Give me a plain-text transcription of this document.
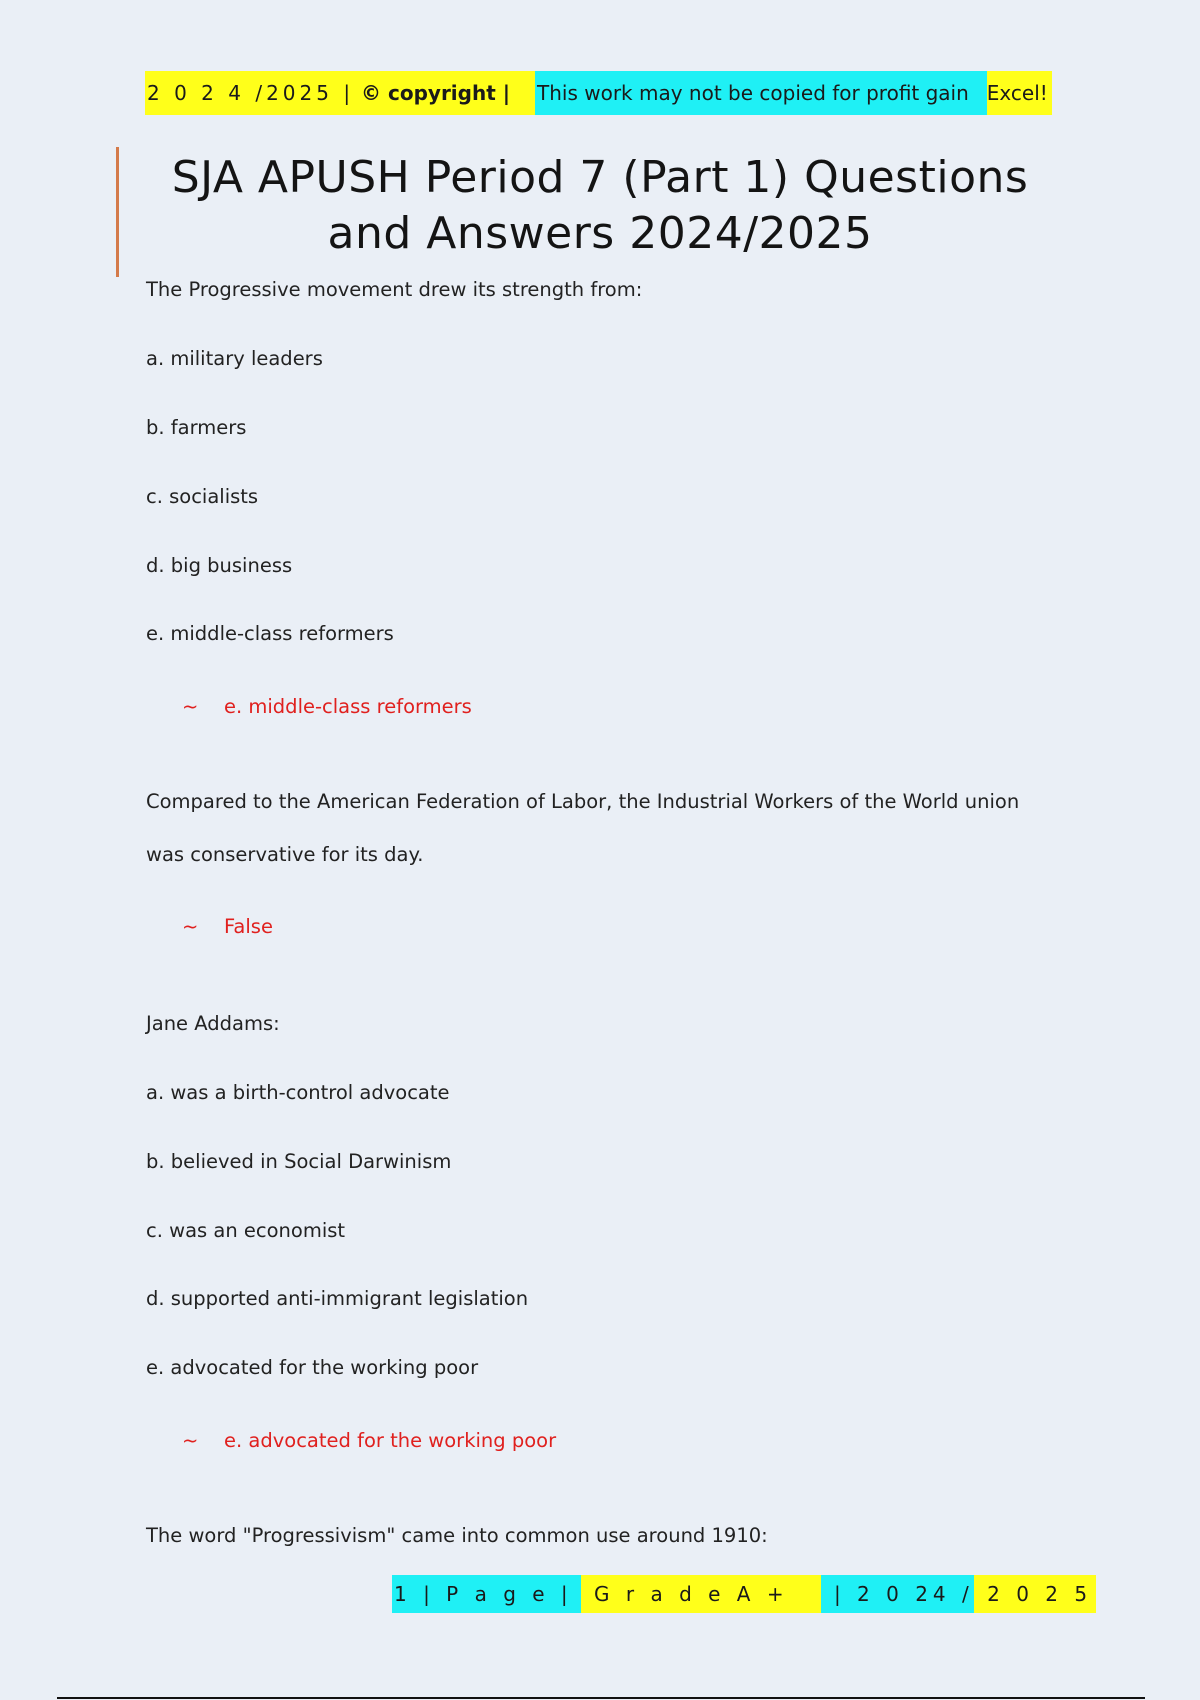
2 0 2 4 /2025 | © copyright |	This work may not be copied for profit gain Excel!
SJA APUSH Period 7 (Part 1) Questions
and Answers 2024/2025
The Progressive movement drew its strength from:
a. military leaders
b. farmers
c. socialists
d. big business
e. middle-class reformers
~ e. middle-class reformers
Compared to the American Federation of Labor, the Industrial Workers of the World union
was conservative for its day.
~ False
Jane Addams:
a. was a birth-control advocate
b. believed in Social Darwinism
c. was an economist
d. supported anti-immigrant legislation
e. advocated for the working poor
~ e. advocated for the working poor
The word "Progressivism" came into common use around 1910:
1 | P a g e | G r a d e A +	| 2 0 24 / 2 0 2 5
